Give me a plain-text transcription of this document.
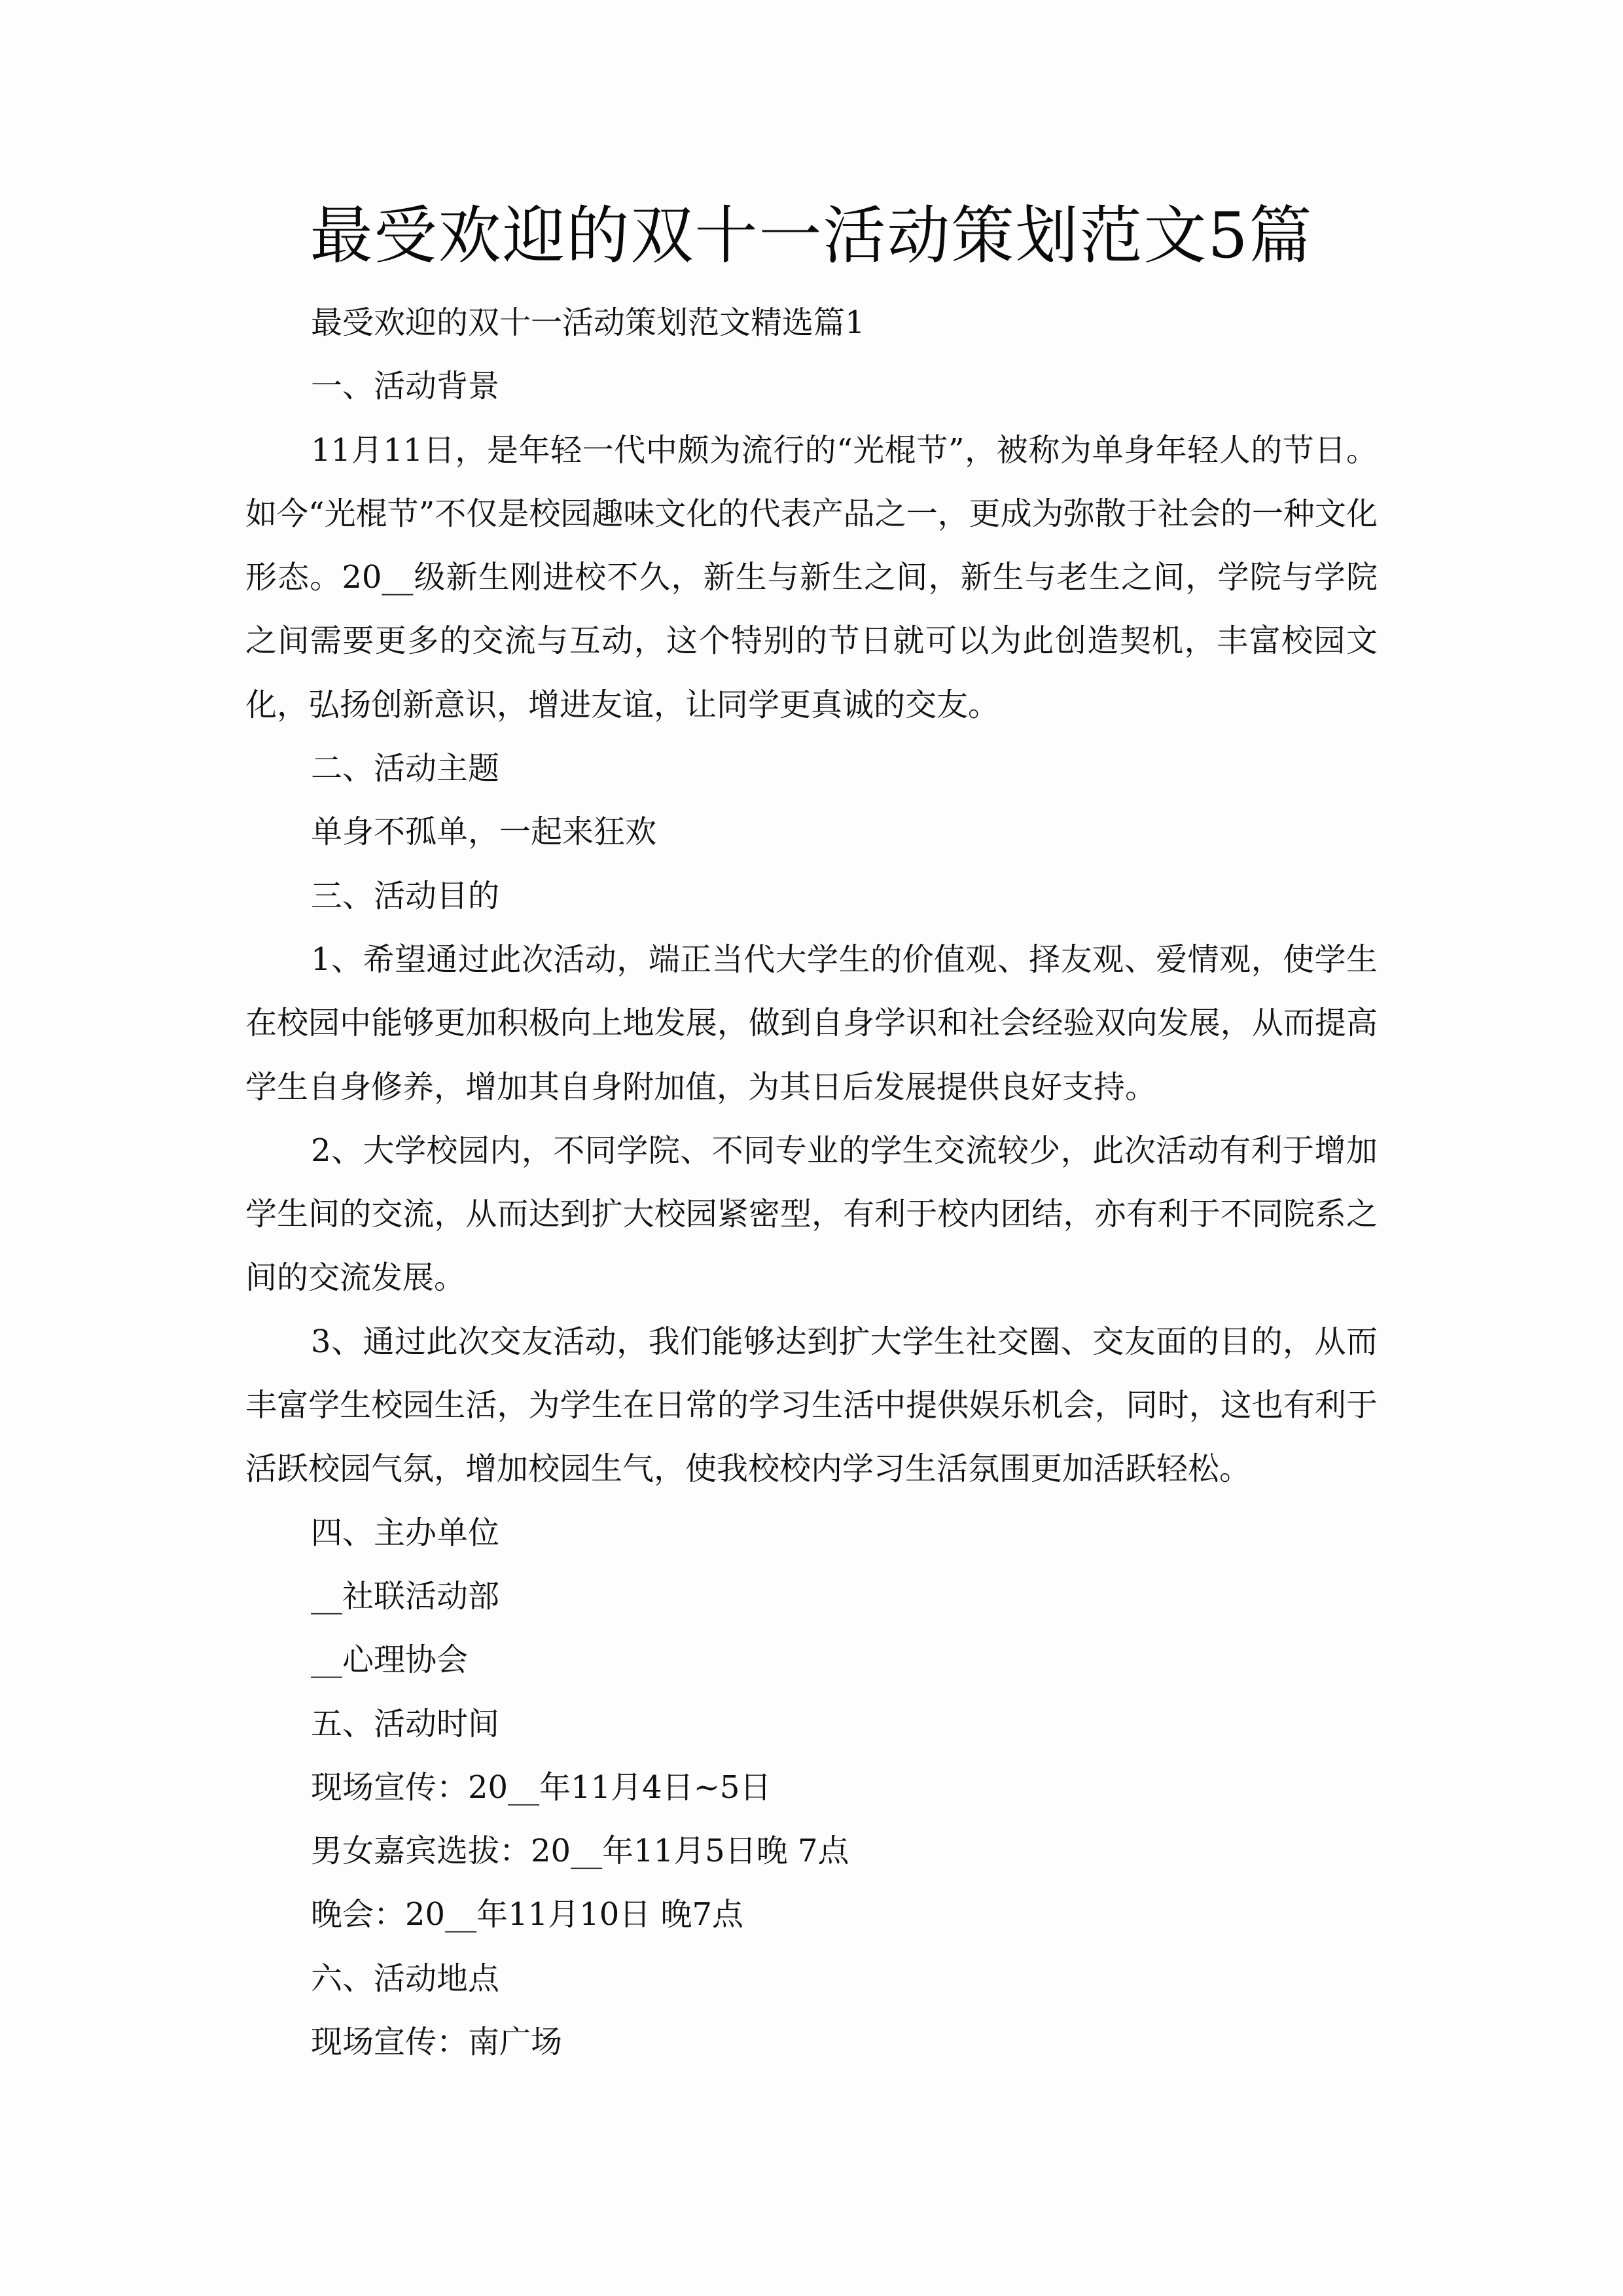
最受欢迎的双十一活动策划范文5篇

最受欢迎的双十一活动策划范文精选篇1

一、活动背景

11月11日，是年轻一代中颇为流行的“光棍节”，被称为单身年轻人的节日。如今“光棍节”不仅是校园趣味文化的代表产品之一，更成为弥散于社会的一种文化形态。20__级新生刚进校不久，新生与新生之间，新生与老生之间，学院与学院之间需要更多的交流与互动，这个特别的节日就可以为此创造契机，丰富校园文化，弘扬创新意识，增进友谊，让同学更真诚的交友。

二、活动主题

单身不孤单，一起来狂欢

三、活动目的

1、希望通过此次活动，端正当代大学生的价值观、择友观、爱情观，使学生在校园中能够更加积极向上地发展，做到自身学识和社会经验双向发展，从而提高学生自身修养，增加其自身附加值，为其日后发展提供良好支持。

2、大学校园内，不同学院、不同专业的学生交流较少，此次活动有利于增加学生间的交流，从而达到扩大校园紧密型，有利于校内团结，亦有利于不同院系之间的交流发展。

3、通过此次交友活动，我们能够达到扩大学生社交圈、交友面的目的，从而丰富学生校园生活，为学生在日常的学习生活中提供娱乐机会，同时，这也有利于活跃校园气氛，增加校园生气，使我校校内学习生活氛围更加活跃轻松。

四、主办单位

__社联活动部

__心理协会

五、活动时间

现场宣传：20__年11月4日~5日

男女嘉宾选拔：20__年11月5日晚 7点

晚会：20__年11月10日 晚7点

六、活动地点

现场宣传：南广场
